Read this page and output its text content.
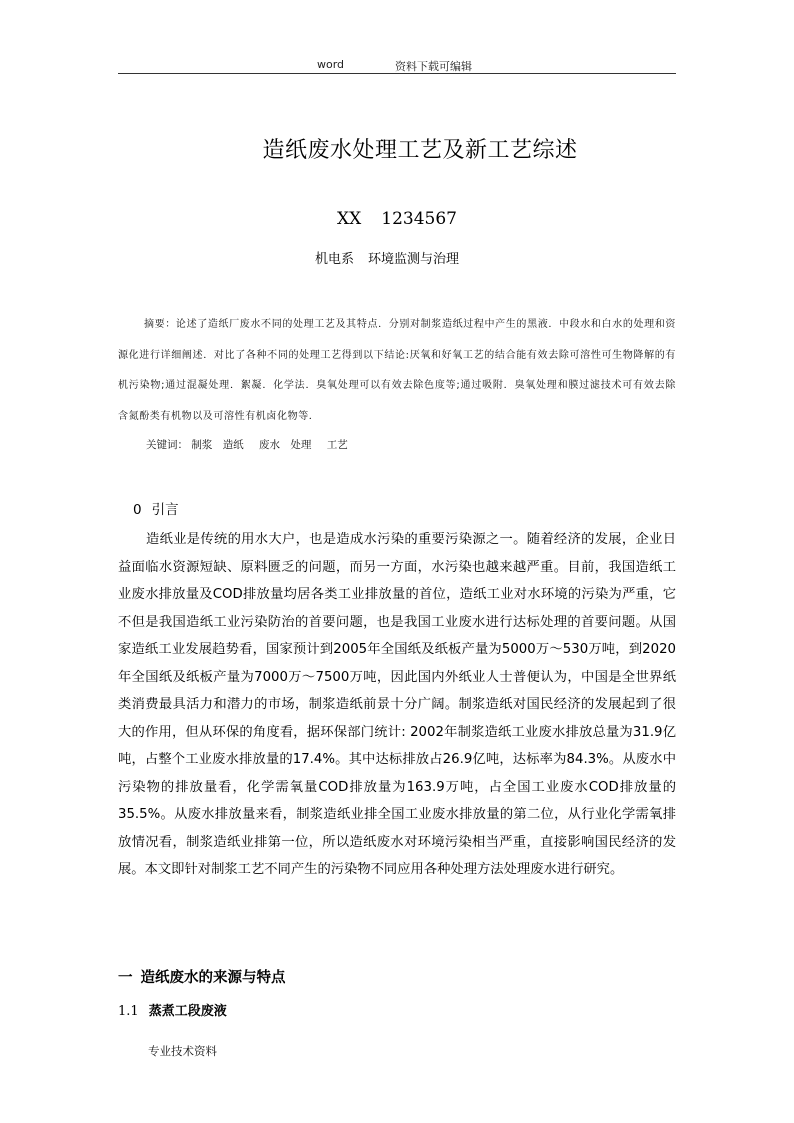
word	资料下载可编辑
造纸废水处理工艺及新工艺综述
XX 1234567
机电系 环境监测与治理
摘要：论述了造纸厂废水不同的处理工艺及其特点．分别对制浆造纸过程中产生的黑液．中段水和白水的处理和资源化进行详细阐述．对比了各种不同的处理工艺得到以下结论:厌氧和好氧工艺的结合能有效去除可溶性可生物降解的有机污染物;通过混凝处理．絮凝．化学法．臭氧处理可以有效去除色度等;通过吸附．臭氧处理和膜过滤技术可有效去除含氮酚类有机物以及可溶性有机卤化物等．
关键词： 制浆 造纸 废水 处理 工艺
0 引言
造纸业是传统的用水大户，也是造成水污染的重要污染源之一。随着经济的发展，企业日益面临水资源短缺、原料匮乏的问题，而另一方面，水污染也越来越严重。目前，我国造纸工业废水排放量及COD排放量均居各类工业排放量的首位，造纸工业对水环境的污染为严重，它不但是我国造纸工业污染防治的首要问题，也是我国工业废水进行达标处理的首要问题。从国家造纸工业发展趋势看，国家预计到2005年全国纸及纸板产量为5000万～530万吨，到2020年全国纸及纸板产量为7000万～7500万吨，因此国内外纸业人士普便认为，中国是全世界纸类消费最具活力和潜力的市场，制浆造纸前景十分广阔。制浆造纸对国民经济的发展起到了很大的作用，但从环保的角度看，据环保部门统计: 2002年制浆造纸工业废水排放总量为31.9亿吨，占整个工业废水排放量的17.4%。其中达标排放占26.9亿吨，达标率为84.3%。从废水中污染物的排放量看，化学需氧量COD排放量为163.9万吨，占全国工业废水COD排放量的35.5%。从废水排放量来看，制浆造纸业排全国工业废水排放量的第二位，从行业化学需氧排放情况看，制浆造纸业排第一位，所以造纸废水对环境污染相当严重，直接影响国民经济的发展。本文即针对制浆工艺不同产生的污染物不同应用各种处理方法处理废水进行研究。
一 造纸废水的来源与特点
1.1 蒸煮工段废液
专业技术资料
